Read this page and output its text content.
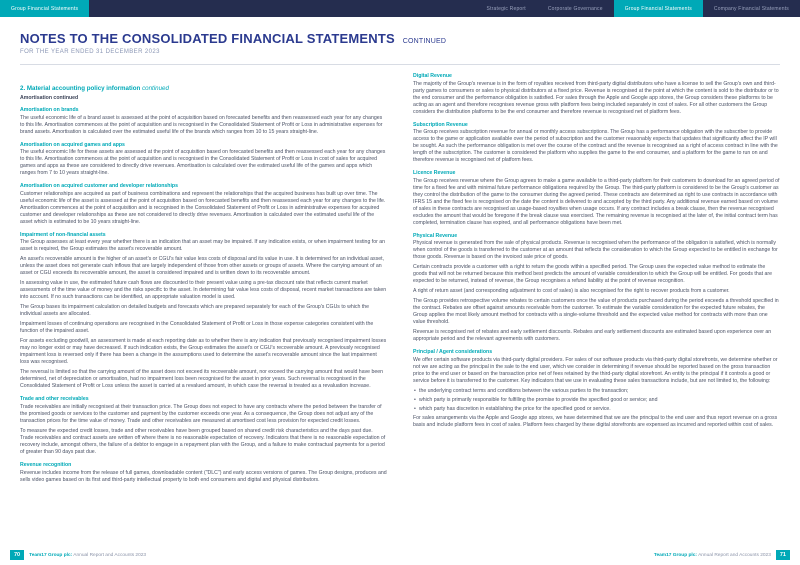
Group Financial Statements	Strategic Report	Corporate Governance	Group Financial Statements	Company Financial Statements
NOTES TO THE CONSOLIDATED FINANCIAL STATEMENTS CONTINUED

FOR THE YEAR ENDED 31 DECEMBER 2023

2. Material accounting policy information continued
Amortisation continued
Amortisation on brands

The useful economic life of a brand asset is assessed at the point of acquisition based on forecasted benefits and then reassessed each year for any changes to this life. Amortisation commences at the point of acquisition and is recognised in the Consolidated Statement of Profit or Loss in administrative expenses for brand assets. Amortisation is calculated over the estimated useful life of the brands which ranges from 10 to 15 years straight-line.

Amortisation on acquired games and apps

The useful economic life for these assets are assessed at the point of acquisition based on forecasted benefits and then reassessed each year for any changes to this life. Amortisation commences at the point of acquisition and is recognised in the Consolidated Statement of Profit or Loss in cost of sales for acquired games and apps as these are considered to directly drive revenues. Amortisation is calculated over the estimated useful life of the games and apps which ranges from 7 to 10 years straight-line.

Amortisation on acquired customer and developer relationships

Customer relationships are acquired as part of business combinations and represent the relationships that the acquired business has built up over time. The useful economic life of the asset is assessed at the point of acquisition based on forecasted benefits and then reassessed each year for any changes to the life. Amortisation commences at the point of acquisition and is recognised in the Consolidated Statement of Profit or Loss in administrative expenses for acquired customer and developer relationships as these are not considered to directly drive revenues. Amortisation is calculated over the estimated useful life of the asset which is estimated to be 10 years straight-line.

Impairment of non-financial assets

The Group assesses at least every year whether there is an indication that an asset may be impaired. If any indication exists, or when impairment testing for an asset is required, the Group estimates the asset's recoverable amount.

An asset's recoverable amount is the higher of an asset's or CGU's fair value less costs of disposal and its value in use. It is determined for an individual asset, unless the asset does not generate cash inflows that are largely independent of those from other assets or groups of assets. Where the carrying amount of an asset or CGU exceeds its recoverable amount, the asset is considered impaired and is written down to its recoverable amount.

In assessing value in use, the estimated future cash flows are discounted to their present value using a pre-tax discount rate that reflects current market assessments of the time value of money and the risks specific to the asset. In determining fair value less costs of disposal, recent market transactions are taken into account. If no such transactions can be identified, an appropriate valuation model is used.

The Group bases its impairment calculation on detailed budgets and forecasts which are prepared separately for each of the Group's CGUs to which the individual assets are allocated.

Impairment losses of continuing operations are recognised in the Consolidated Statement of Profit or Loss in those expense categories consistent with the function of the impaired asset.

For assets excluding goodwill, an assessment is made at each reporting date as to whether there is any indication that previously recognised impairment losses may no longer exist or may have decreased. If such indication exists, the Group estimates the asset's or CGU's recoverable amount. A previously recognised impairment loss is reversed only if there has been a change in the assumptions used to determine the asset's recoverable amount since the last impairment loss was recognised.

The reversal is limited so that the carrying amount of the asset does not exceed its recoverable amount, nor exceed the carrying amount that would have been determined, net of depreciation or amortisation, had no impairment loss been recognised for the asset in prior years. Such reversal is recognised in the Consolidated Statement of Profit or Loss unless the asset is carried at a revalued amount, in which case the reversal is treated as a revaluation increase.

Trade and other receivables

Trade receivables are initially recognised at their transaction price. The Group does not expect to have any contracts where the period between the transfer of the promised goods or services to the customer and payment by the customer exceeds one year. As a consequence, the Group does not adjust any of the transaction prices for the time value of money. Trade and other receivables are measured at amortised cost less provision for expected credit losses.

To measure the expected credit losses, trade and other receivables have been grouped based on shared credit risk characteristics and the days past due. Trade receivables and contract assets are written off where there is no reasonable expectation of recovery. Indicators that there is no reasonable expectation of recovery include, amongst others, the failure of a debtor to engage in a repayment plan with the Group, and a failure to make contractual payments for a period of greater than 90 days past due.

Revenue recognition

Revenue includes income from the release of full games, downloadable content ("DLC") and early access versions of games. The Group designs, produces and sells video games based on its first and third-party intellectual property to both end consumers and digital and physical distributors.

Digital Revenue

The majority of the Group's revenue is in the form of royalties received from third-party digital distributors who have a license to sell the Group's own and third-party games to consumers or sales to physical distributors at a fixed price. Revenue is recognised at the point at which the content is sold to the distributor or to the end consumer and the performance obligation is satisfied. For sales through the Apple and Google app stores, the Group considers these platforms to be acting as an agent and therefore recognises revenue gross with platform fees being included separately in cost of sales. For all other customers the Group considers the distribution platforms to be the end consumer and therefore revenue is recognised net of platform fees.

Subscription Revenue

The Group receives subscription revenue for annual or monthly access subscriptions. The Group has a performance obligation with the subscriber to provide access to the game or application available over the period of subscription and the customer reasonably expects that updates that significantly affect the IP will be sought. As such the performance obligation is met over the course of the contract and the revenue is recognised as a right of access contract in line with the length of the subscription. The customer is considered the platform who supplies the game to the end consumer, and a platform for the game to run on and therefore revenue is recognised net of platform fees.

Licence Revenue

The Group receives revenue where the Group agrees to make a game available to a third-party platform for their customers to download for an agreed period of time for a fixed fee and with minimal future performance obligations required by the Group. The third-party platform is considered to be the Group's customer as they control the distribution of the game to the consumer during the agreed period. These contracts are determined as right to use contracts in accordance with IFRS 15 and the fixed fee is recognised on the date the content is delivered to and accepted by the third party. Any additional revenue earned based on volume of sales in these contracts are recognised as usage-based royalties when usage occurs. If any contract includes a break clause, then the revenue recognised excludes the amount that would be foregone if the break clause was exercised. The remaining revenue is recognised at the later of, the initial contract term has completed, termination clause has expired, and all performance obligations have been met.

Physical Revenue

Physical revenue is generated from the sale of physical products. Revenue is recognised when the performance of the obligation is satisfied, which is normally when control of the goods is transferred to the customer at an amount that reflects the consideration to which the Group expected to be entitled in exchange for those goods. Revenue is based on the invoiced sale price of goods.

Certain contracts provide a customer with a right to return the goods within a specified period. The Group uses the expected value method to estimate the goods that will not be returned because this method best predicts the amount of variable consideration to which the Group will be entitled. For goods that are expected to be returned, instead of revenue, the Group recognises a refund liability at the point of revenue recognition.

A right of return asset (and corresponding adjustment to cost of sales) is also recognised for the right to recover products from a customer.

The Group provides retrospective volume rebates to certain customers once the value of products purchased during the period exceeds a threshold specified in the contract. Rebates are offset against amounts receivable from the customer. To estimate the variable consideration for the expected future rebates, the Group applies the most likely amount method for contracts with a single-volume threshold and the expected value method for contracts with more than one value threshold.

Revenue is recognised net of rebates and early settlement discounts. Rebates and early settlement discounts are estimated based upon experience over an appropriate period and the relevant agreements with customers.

Principal / Agent considerations

We offer certain software products via third-party digital providers. For sales of our software products via third-party digital storefronts, we determine whether or not we are acting as the principal in the sale to the end user, which we consider in determining if revenue should be reported based on the gross transaction price to the end user or based on the transaction price net of fees retained by the third-party digital storefront. An entity is the principal if it controls a good or service before it is transferred to the customer. Key indicators that we use in evaluating these sales transactions include, but are not limited to, the following:

• the underlying contract terms and conditions between the various parties to the transaction;

• which party is primarily responsible for fulfilling the promise to provide the specified good or service; and

• which party has discretion in establishing the price for the specified good or service.

For sales arrangements via the Apple and Google app stores, we have determined that we are the principal to the end user and thus report revenue on a gross basis and include platform fees in cost of sales. Platform fees charged by these digital storefronts are expensed as incurred and reported within cost of sales.

70	Team17 Group plc: Annual Report and Accounts 2023	Team17 Group plc: Annual Report and Accounts 2023	71
